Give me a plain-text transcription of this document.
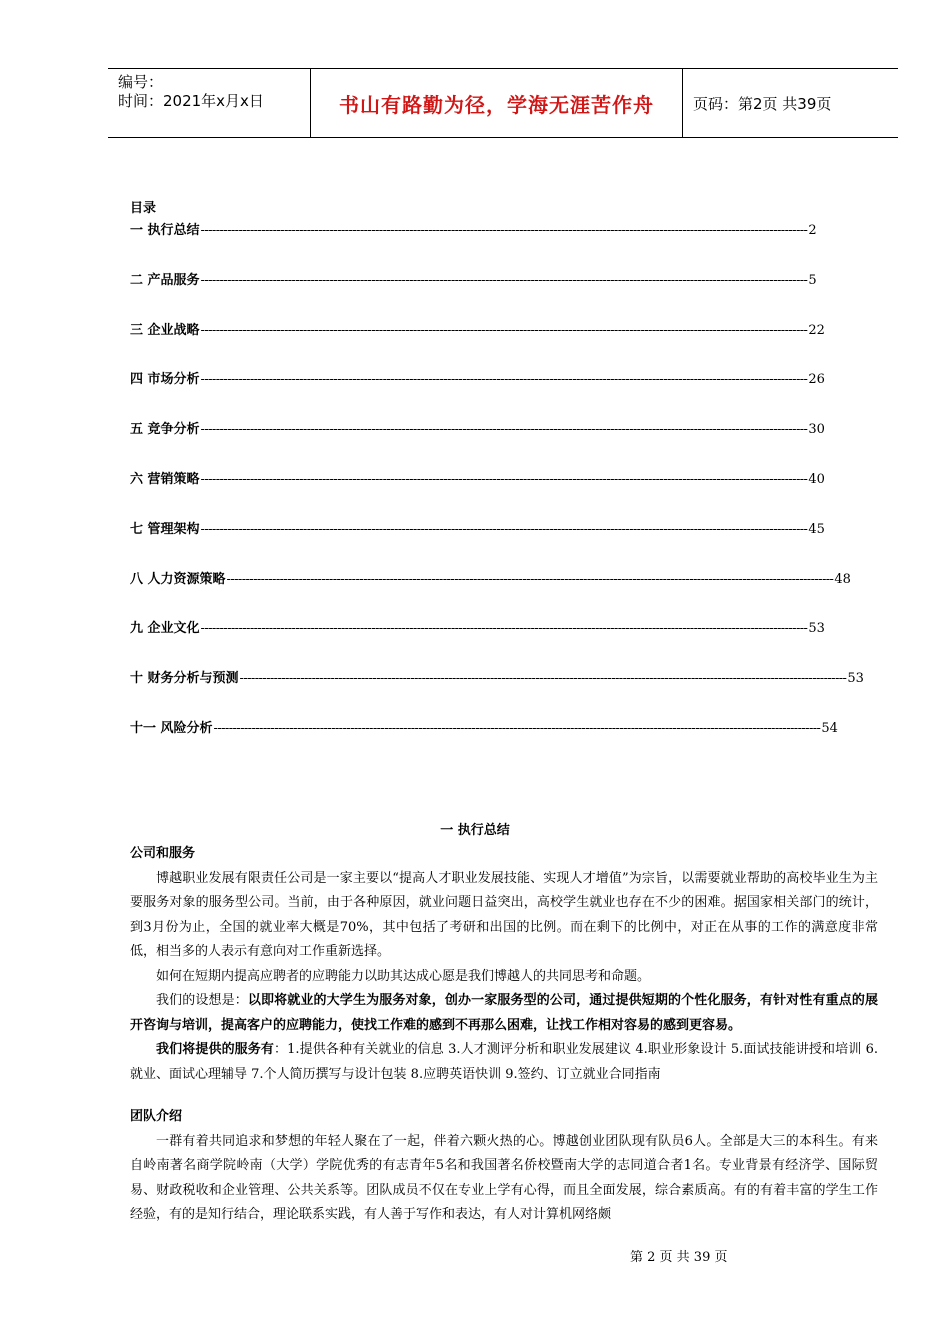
编号：
时间：2021年x月x日	书山有路勤为径，学海无涯苦作舟	页码：第2页 共39页
目录
一 执行总结 ---------------------------------------------------------------------------------------------------------------------------------------------------------------- 2
二 产品服务 ---------------------------------------------------------------------------------------------------------------------------------------------------------------- 5
三 企业战略 ---------------------------------------------------------------------------------------------------------------------------------------------------------------- 22
四 市场分析 ---------------------------------------------------------------------------------------------------------------------------------------------------------------- 26
五 竞争分析 ---------------------------------------------------------------------------------------------------------------------------------------------------------------- 30
六 营销策略 ---------------------------------------------------------------------------------------------------------------------------------------------------------------- 40
七 管理架构 ---------------------------------------------------------------------------------------------------------------------------------------------------------------- 45
八 人力资源策略 ---------------------------------------------------------------------------------------------------------------------------------------------------------------- 48
九 企业文化 ---------------------------------------------------------------------------------------------------------------------------------------------------------------- 53
十 财务分析与预测 ---------------------------------------------------------------------------------------------------------------------------------------------------------------- 53
十一 风险分析 ---------------------------------------------------------------------------------------------------------------------------------------------------------------- 54
一 执行总结
公司和服务

博越职业发展有限责任公司是一家主要以“提高人才职业发展技能、实现人才增值”为宗旨，以需要就业帮助的高校毕业生为主要服务对象的服务型公司。当前，由于各种原因，就业问题日益突出，高校学生就业也存在不少的困难。据国家相关部门的统计，到3月份为止，全国的就业率大概是70%，其中包括了考研和出国的比例。而在剩下的比例中，对正在从事的工作的满意度非常低，相当多的人表示有意向对工作重新选择。

如何在短期内提高应聘者的应聘能力以助其达成心愿是我们博越人的共同思考和命题。

我们的设想是：以即将就业的大学生为服务对象，创办一家服务型的公司，通过提供短期的个性化服务，有针对性有重点的展开咨询与培训，提高客户的应聘能力，使找工作难的感到不再那么困难，让找工作相对容易的感到更容易。

我们将提供的服务有：1.提供各种有关就业的信息 3.人才测评分析和职业发展建议 4.职业形象设计 5.面试技能讲授和培训 6.就业、面试心理辅导 7.个人简历撰写与设计包装 8.应聘英语快训 9.签约、订立就业合同指南

团队介绍

一群有着共同追求和梦想的年轻人聚在了一起，伴着六颗火热的心。博越创业团队现有队员6人。全部是大三的本科生。有来自岭南著名商学院岭南（大学）学院优秀的有志青年5名和我国著名侨校暨南大学的志同道合者1名。专业背景有经济学、国际贸易、财政税收和企业管理、公共关系等。团队成员不仅在专业上学有心得，而且全面发展，综合素质高。有的有着丰富的学生工作经验，有的是知行结合，理论联系实践，有人善于写作和表达，有人对计算机网络颇

第 2 页 共 39 页
